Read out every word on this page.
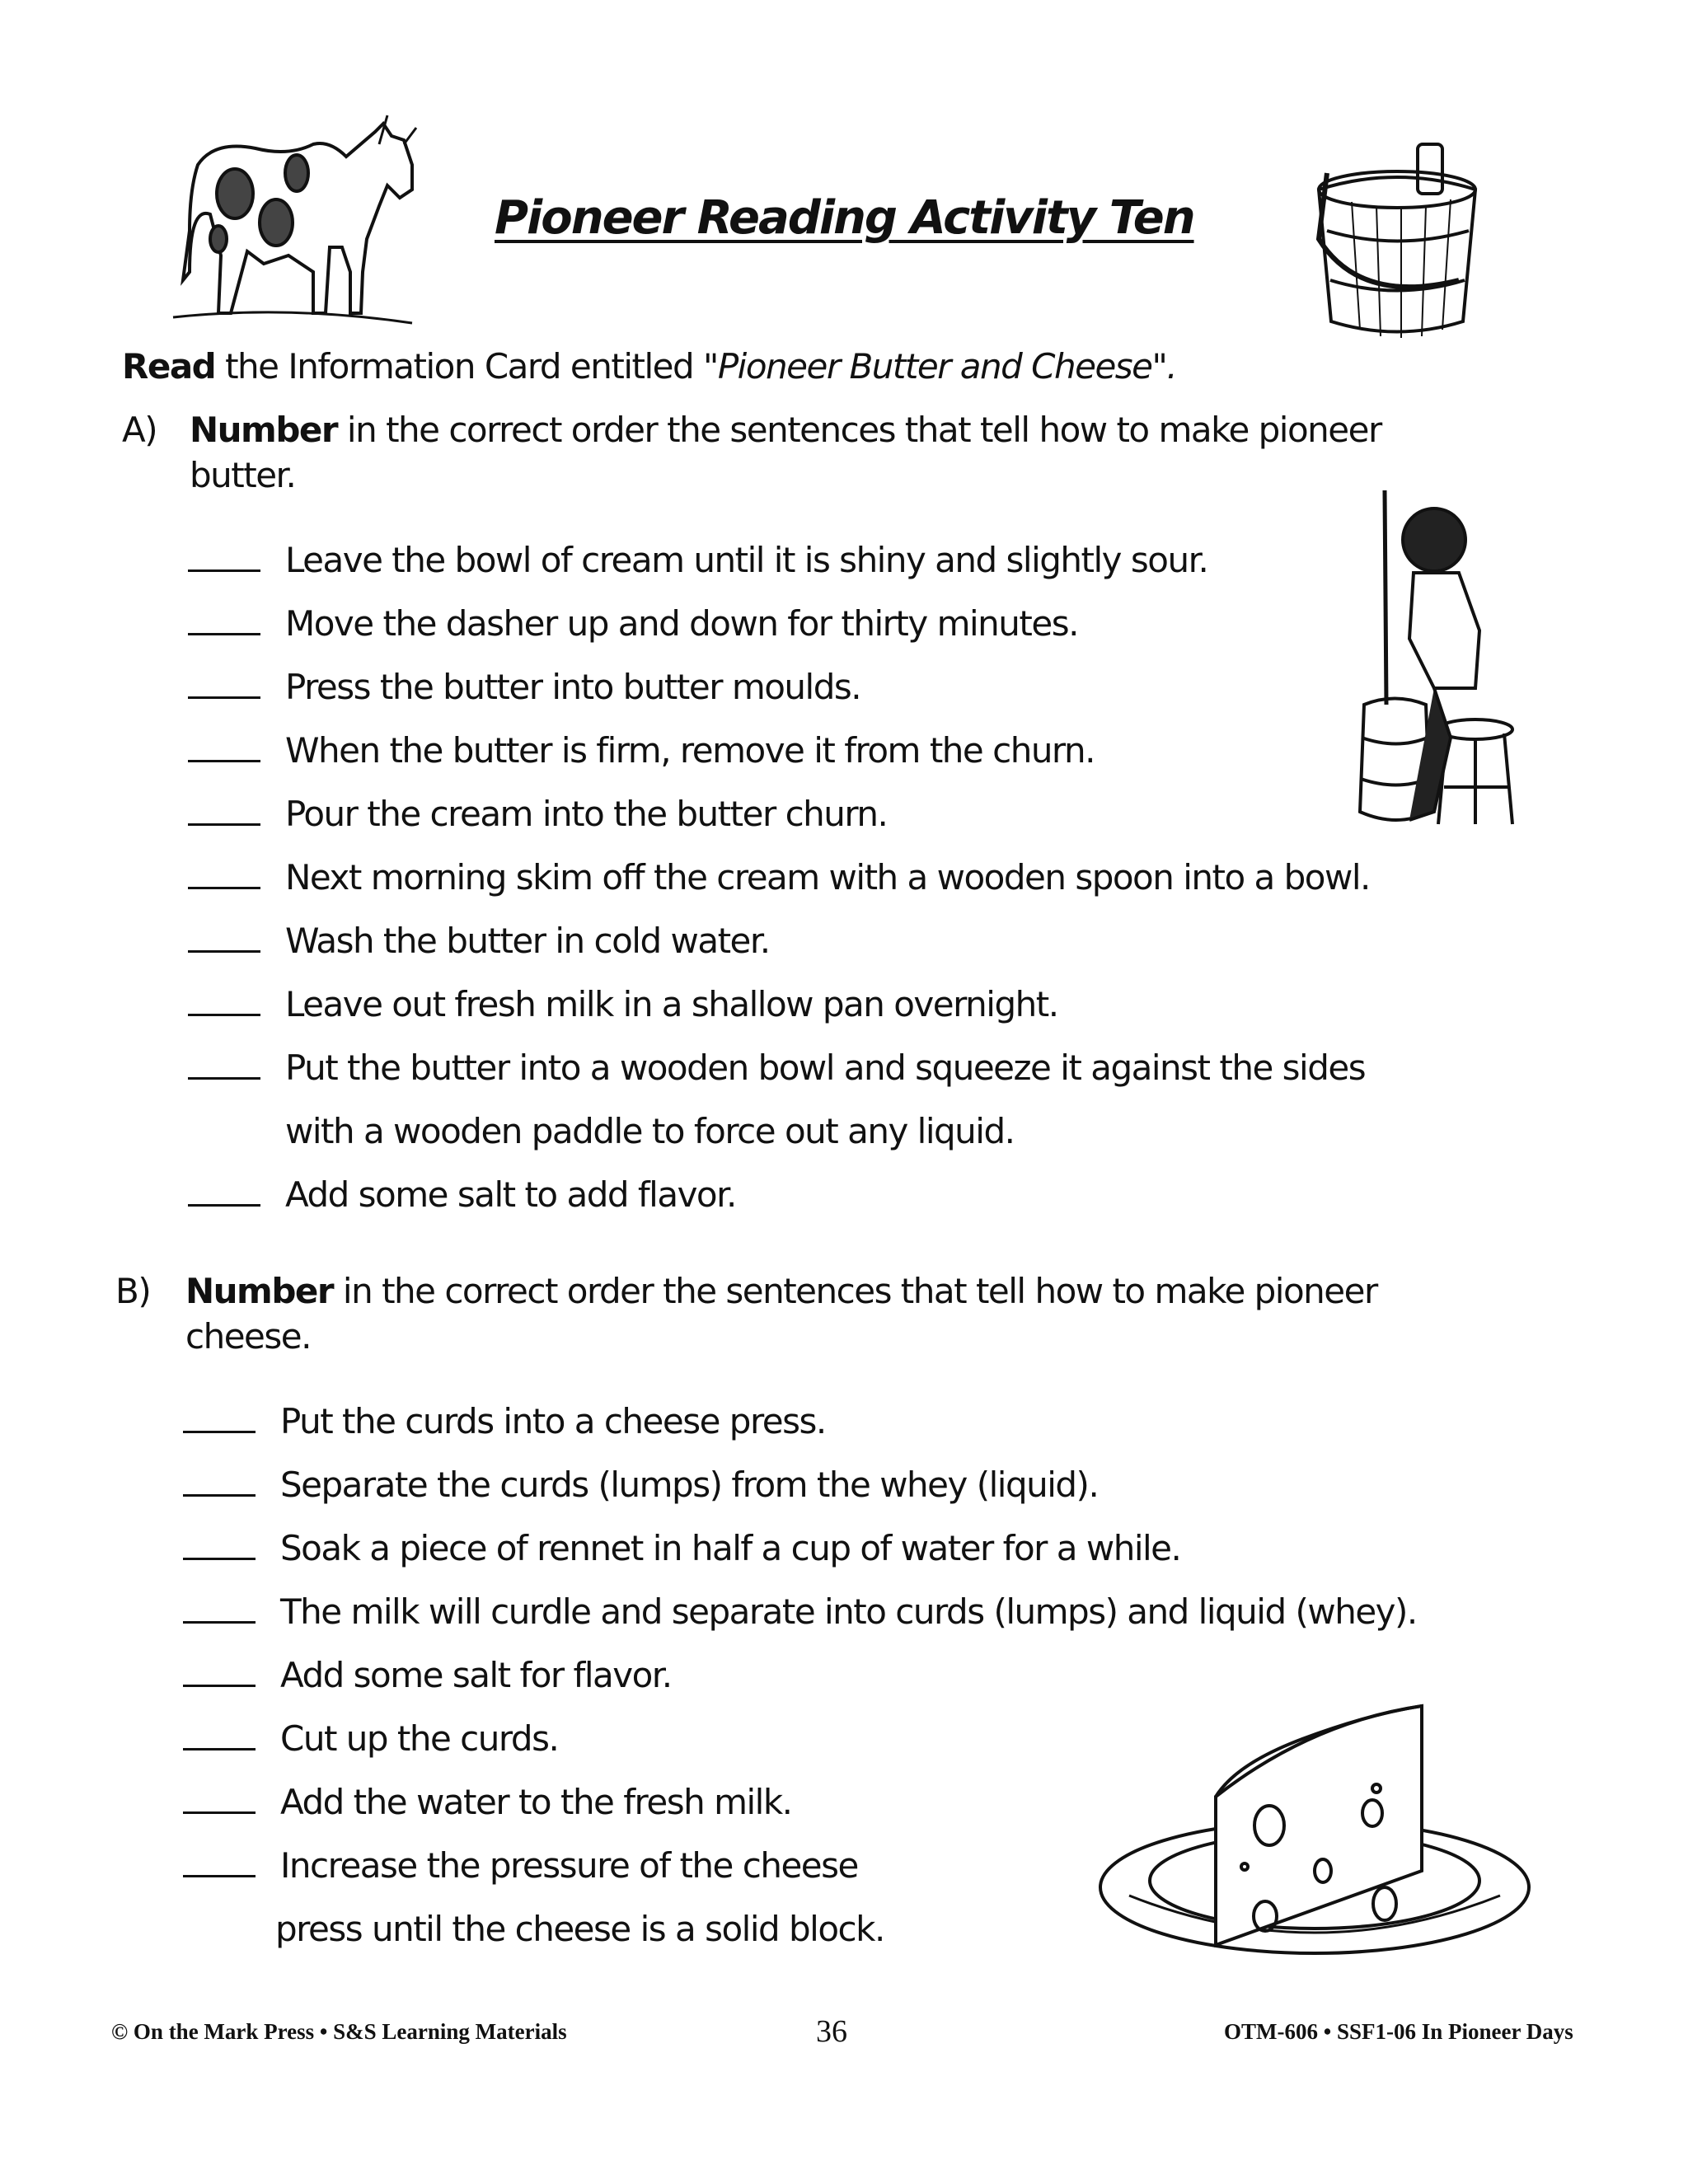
Pioneer Reading Activity Ten
Read the Information Card entitled "Pioneer Butter and Cheese".
A) Number in the correct order the sentences that tell how to make pioneer
butter.
Leave the bowl of cream until it is shiny and slightly sour.
Move the dasher up and down for thirty minutes.
Press the butter into butter moulds.
When the butter is firm, remove it from the churn.
Pour the cream into the butter churn.
Next morning skim off the cream with a wooden spoon into a bowl.
Wash the butter in cold water.
Leave out fresh milk in a shallow pan overnight.
Put the butter into a wooden bowl and squeeze it against the sides
with a wooden paddle to force out any liquid.
Add some salt to add flavor.
B) Number in the correct order the sentences that tell how to make pioneer
cheese.
Put the curds into a cheese press.
Separate the curds (lumps) from the whey (liquid).
Soak a piece of rennet in half a cup of water for a while.
The milk will curdle and separate into curds (lumps) and liquid (whey).
Add some salt for flavor.
Cut up the curds.
Add the water to the fresh milk.
Increase the pressure of the cheese
press until the cheese is a solid block.
© On the Mark Press • S&S Learning Materials	36	OTM-606 • SSF1-06 In Pioneer Days
